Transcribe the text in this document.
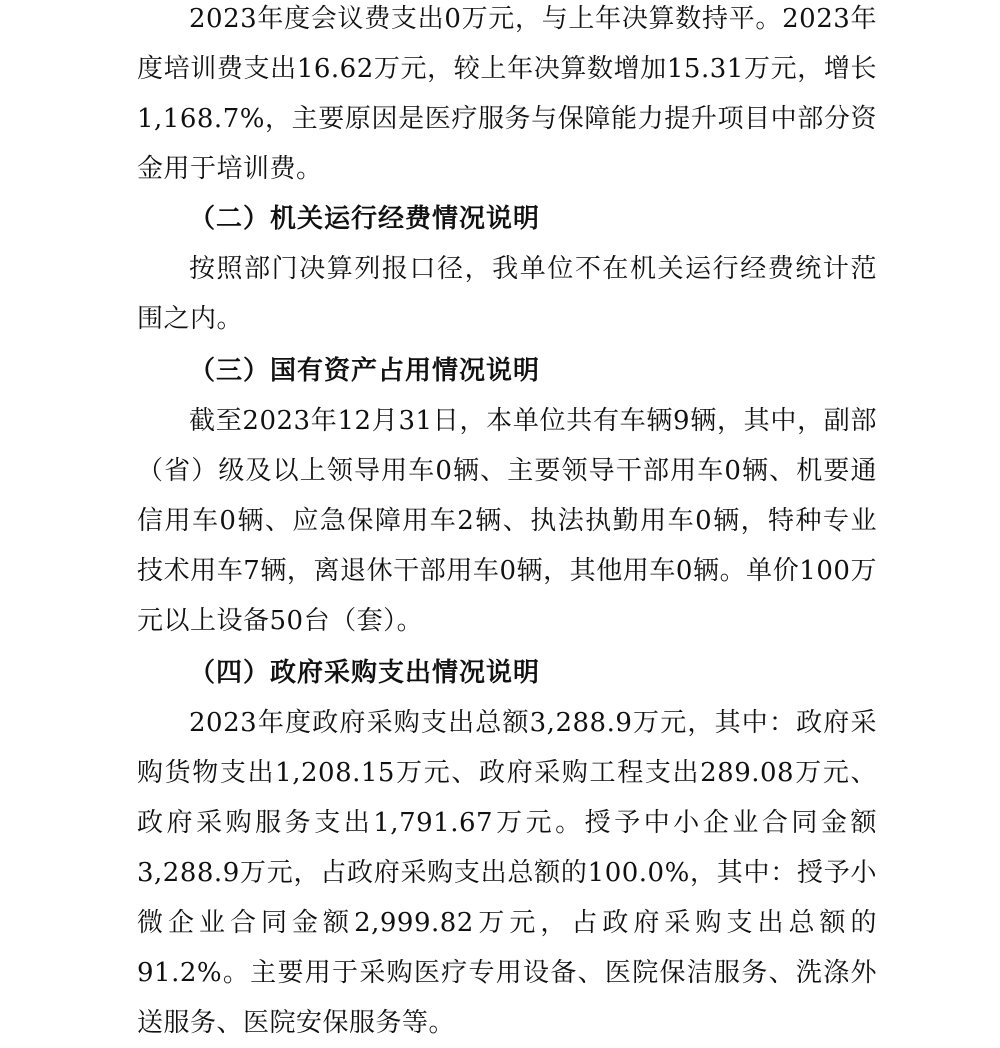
2023年度会议费支出0万元，与上年决算数持平。2023年度培训费支出16.62万元，较上年决算数增加15.31万元，增长1,168.7%，主要原因是医疗服务与保障能力提升项目中部分资金用于培训费。

（二）机关运行经费情况说明

按照部门决算列报口径，我单位不在机关运行经费统计范围之内。

（三）国有资产占用情况说明

截至2023年12月31日，本单位共有车辆9辆，其中，副部（省）级及以上领导用车0辆、主要领导干部用车0辆、机要通信用车0辆、应急保障用车2辆、执法执勤用车0辆，特种专业技术用车7辆，离退休干部用车0辆，其他用车0辆。单价100万元以上设备50台（套）。

（四）政府采购支出情况说明

2023年度政府采购支出总额3,288.9万元，其中：政府采购货物支出1,208.15万元、政府采购工程支出289.08万元、政府采购服务支出1,791.67万元。授予中小企业合同金额3,288.9万元，占政府采购支出总额的100.0%，其中：授予小微企业合同金额2,999.82万元，占政府采购支出总额的91.2%。主要用于采购医疗专用设备、医院保洁服务、洗涤外送服务、医院安保服务等。
